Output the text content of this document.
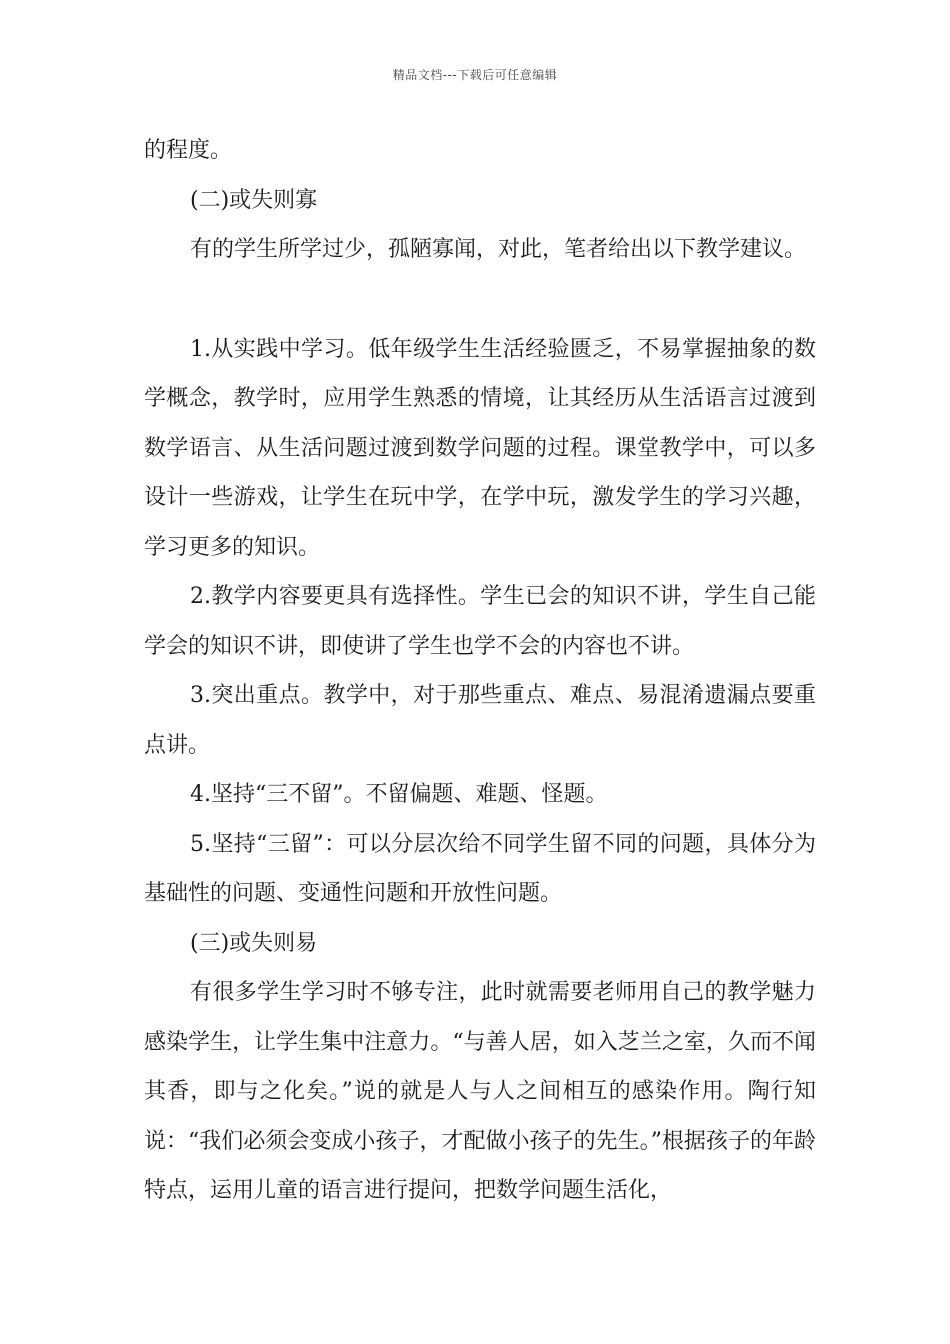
精品文档---下载后可任意编辑

的程度。

(二)或失则寡

有的学生所学过少，孤陋寡闻，对此，笔者给出以下教学建议。

1.从实践中学习。低年级学生生活经验匮乏，不易掌握抽象的数学概念，教学时，应用学生熟悉的情境，让其经历从生活语言过渡到数学语言、从生活问题过渡到数学问题的过程。课堂教学中，可以多设计一些游戏，让学生在玩中学，在学中玩，激发学生的学习兴趣，学习更多的知识。

2.教学内容要更具有选择性。学生已会的知识不讲，学生自己能学会的知识不讲，即使讲了学生也学不会的内容也不讲。

3.突出重点。教学中，对于那些重点、难点、易混淆遗漏点要重点讲。

4.坚持“三不留”。不留偏题、难题、怪题。

5.坚持“三留”：可以分层次给不同学生留不同的问题，具体分为基础性的问题、变通性问题和开放性问题。

(三)或失则易

有很多学生学习时不够专注，此时就需要老师用自己的教学魅力感染学生，让学生集中注意力。“与善人居，如入芝兰之室，久而不闻其香，即与之化矣。”说的就是人与人之间相互的感染作用。陶行知说：“我们必须会变成小孩子，才配做小孩子的先生。”根据孩子的年龄特点，运用儿童的语言进行提问，把数学问题生活化，
